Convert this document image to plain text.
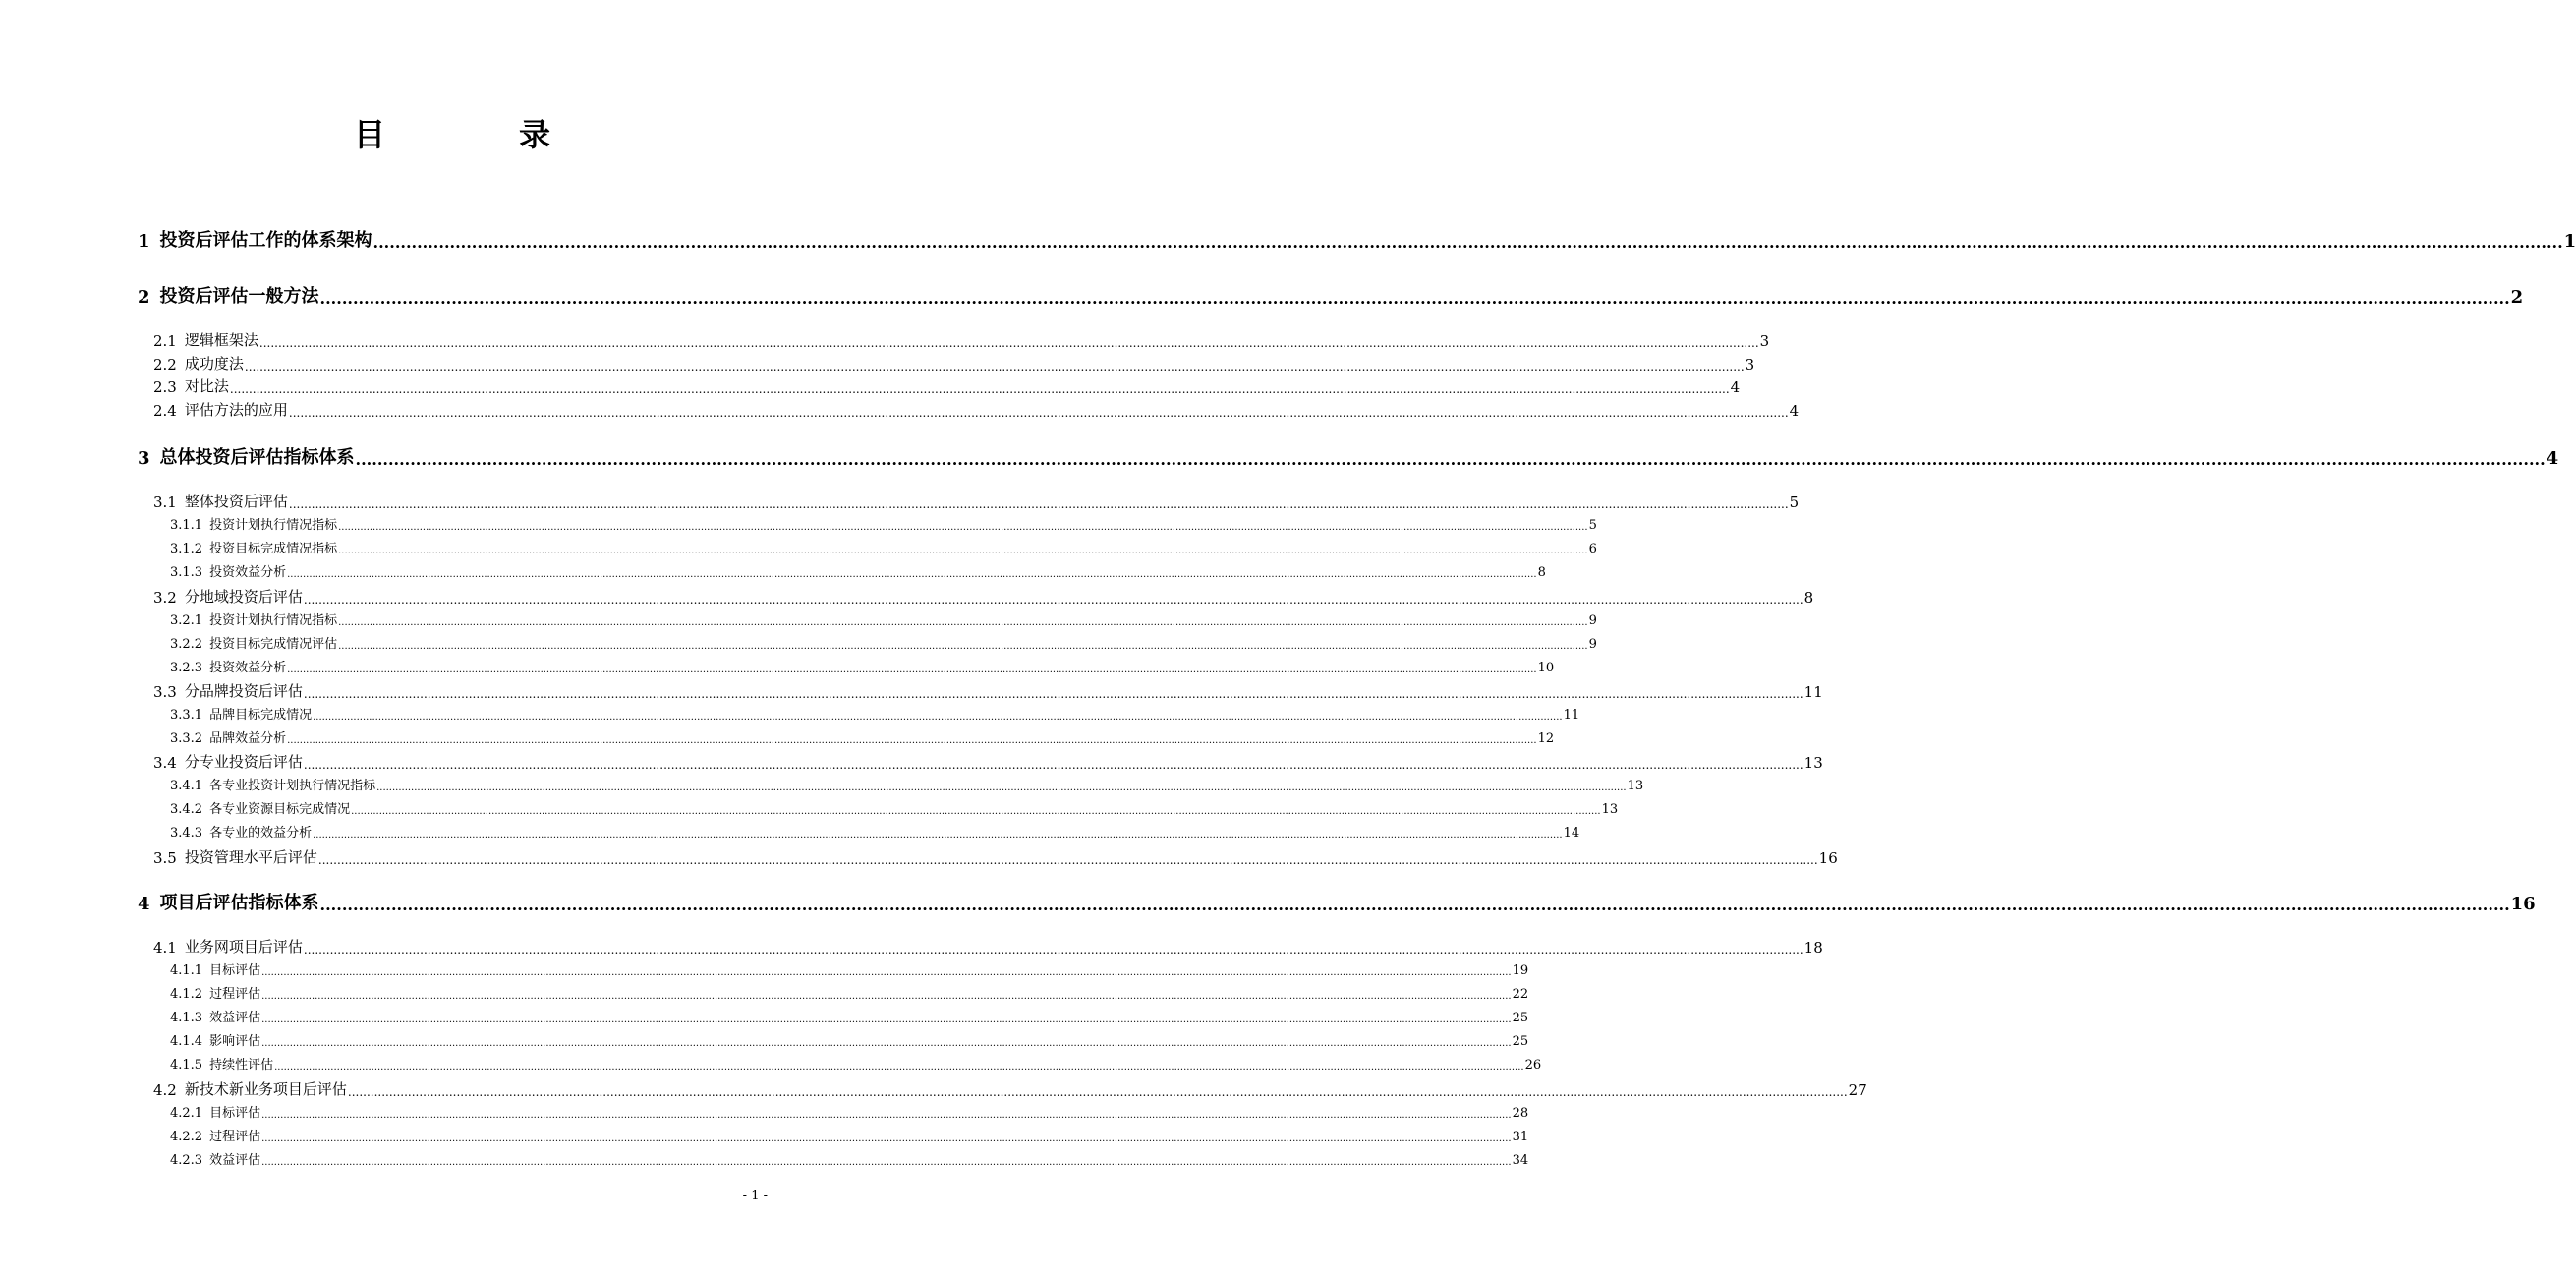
目　录
1 投资后评估工作的体系架构 ................................................................................................................................................................................................................................................................................................................................................................................................................ 1
2 投资后评估一般方法 ................................................................................................................................................................................................................................................................................................................................................................................................................ 2
2.1 逻辑框架法 ................................................................................................................................................................................................................................................................................................................................................................................................................ 3
2.2 成功度法 ................................................................................................................................................................................................................................................................................................................................................................................................................ 3
2.3 对比法 ................................................................................................................................................................................................................................................................................................................................................................................................................ 4
2.4 评估方法的应用 ................................................................................................................................................................................................................................................................................................................................................................................................................ 4
3 总体投资后评估指标体系 ................................................................................................................................................................................................................................................................................................................................................................................................................ 4
3.1 整体投资后评估 ................................................................................................................................................................................................................................................................................................................................................................................................................ 5
3.1.1 投资计划执行情况指标 ................................................................................................................................................................................................................................................................................................................................................................................................................ 5
3.1.2 投资目标完成情况指标 ................................................................................................................................................................................................................................................................................................................................................................................................................ 6
3.1.3 投资效益分析 ................................................................................................................................................................................................................................................................................................................................................................................................................ 8
3.2 分地域投资后评估 ................................................................................................................................................................................................................................................................................................................................................................................................................ 8
3.2.1 投资计划执行情况指标 ................................................................................................................................................................................................................................................................................................................................................................................................................ 9
3.2.2 投资目标完成情况评估 ................................................................................................................................................................................................................................................................................................................................................................................................................ 9
3.2.3 投资效益分析 ................................................................................................................................................................................................................................................................................................................................................................................................................ 10
3.3 分品牌投资后评估 ................................................................................................................................................................................................................................................................................................................................................................................................................ 11
3.3.1 品牌目标完成情况 ................................................................................................................................................................................................................................................................................................................................................................................................................ 11
3.3.2 品牌效益分析 ................................................................................................................................................................................................................................................................................................................................................................................................................ 12
3.4 分专业投资后评估 ................................................................................................................................................................................................................................................................................................................................................................................................................ 13
3.4.1 各专业投资计划执行情况指标 ................................................................................................................................................................................................................................................................................................................................................................................................................ 13
3.4.2 各专业资源目标完成情况 ................................................................................................................................................................................................................................................................................................................................................................................................................ 13
3.4.3 各专业的效益分析 ................................................................................................................................................................................................................................................................................................................................................................................................................ 14
3.5 投资管理水平后评估 ................................................................................................................................................................................................................................................................................................................................................................................................................ 16
4 项目后评估指标体系 ................................................................................................................................................................................................................................................................................................................................................................................................................ 16
4.1 业务网项目后评估 ................................................................................................................................................................................................................................................................................................................................................................................................................ 18
4.1.1 目标评估 ................................................................................................................................................................................................................................................................................................................................................................................................................ 19
4.1.2 过程评估 ................................................................................................................................................................................................................................................................................................................................................................................................................ 22
4.1.3 效益评估 ................................................................................................................................................................................................................................................................................................................................................................................................................ 25
4.1.4 影响评估 ................................................................................................................................................................................................................................................................................................................................................................................................................ 25
4.1.5 持续性评估 ................................................................................................................................................................................................................................................................................................................................................................................................................ 26
4.2 新技术新业务项目后评估 ................................................................................................................................................................................................................................................................................................................................................................................................................ 27
4.2.1 目标评估 ................................................................................................................................................................................................................................................................................................................................................................................................................ 28
4.2.2 过程评估 ................................................................................................................................................................................................................................................................................................................................................................................................................ 31
4.2.3 效益评估 ................................................................................................................................................................................................................................................................................................................................................................................................................ 34
- 1 -
